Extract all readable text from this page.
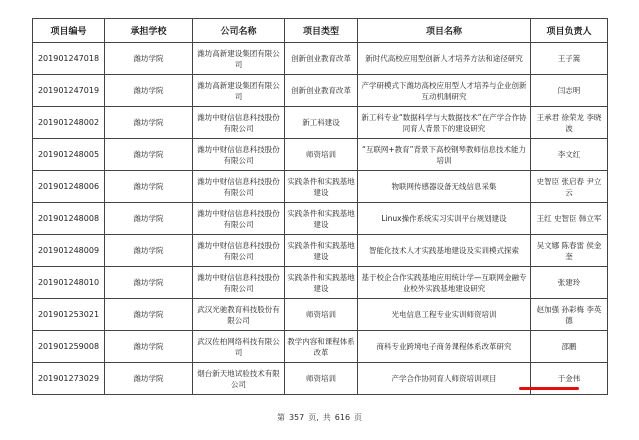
项目编号	承担学校	公司名称	项目类型	项目名称	项目负责人
201901247018	潍坊学院	潍坊高新建设集团有限公司	创新创业教育改革	新时代高校应用型创新人才培养方法和途径研究	王子篙
201901247019	潍坊学院	潍坊高新建设集团有限公司	创新创业教育改革	产学研模式下潍坊高校应用型人才培养与企业创新互动机制研究	闫志明
201901248002	潍坊学院	潍坊中财信信息科技股份有限公司	新工科建设	新工科专业“数据科学与大数据技术”在产学合作协同育人背景下的建设研究	王承君 徐荣龙 李晓波
201901248005	潍坊学院	潍坊中财信信息科技股份有限公司	师资培训	“互联网+教育”背景下高校钢琴教师信息技术能力培训	李文红
201901248006	潍坊学院	潍坊中财信信息科技股份有限公司	实践条件和实践基地建设	物联网传感器设备无线信息采集	史智臣 张启春 尹立云
201901248008	潍坊学院	潍坊中财信信息科技股份有限公司	实践条件和实践基地建设	Linux操作系统实习实训平台规划建设	王红 史智臣 韩立军
201901248009	潍坊学院	潍坊中财信信息科技股份有限公司	实践条件和实践基地建设	智能化技术人才实践基地建设及实训模式探索	吴文娜 陈春雷 侯金奎
201901248010	潍坊学院	潍坊中财信信息科技股份有限公司	实践条件和实践基地建设	基于校企合作实践基地应用统计学—互联网金融专业校外实践基地建设研究	张建玲
201901253021	潍坊学院	武汉光驰教育科技股份有限公司	师资培训	光电信息工程专业实训师资培训	赵加强 孙彩梅 李英德
201901259008	潍坊学院	武汉佐柏网络科技有限公司	教学内容和课程体系改革	商科专业跨境电子商务课程体系改革研究	邵鹏
201901273029	潍坊学院	烟台新天地试验技术有限公司	师资培训	产学合作协同育人师资培训项目	于金伟
第 357 页, 共 616 页
